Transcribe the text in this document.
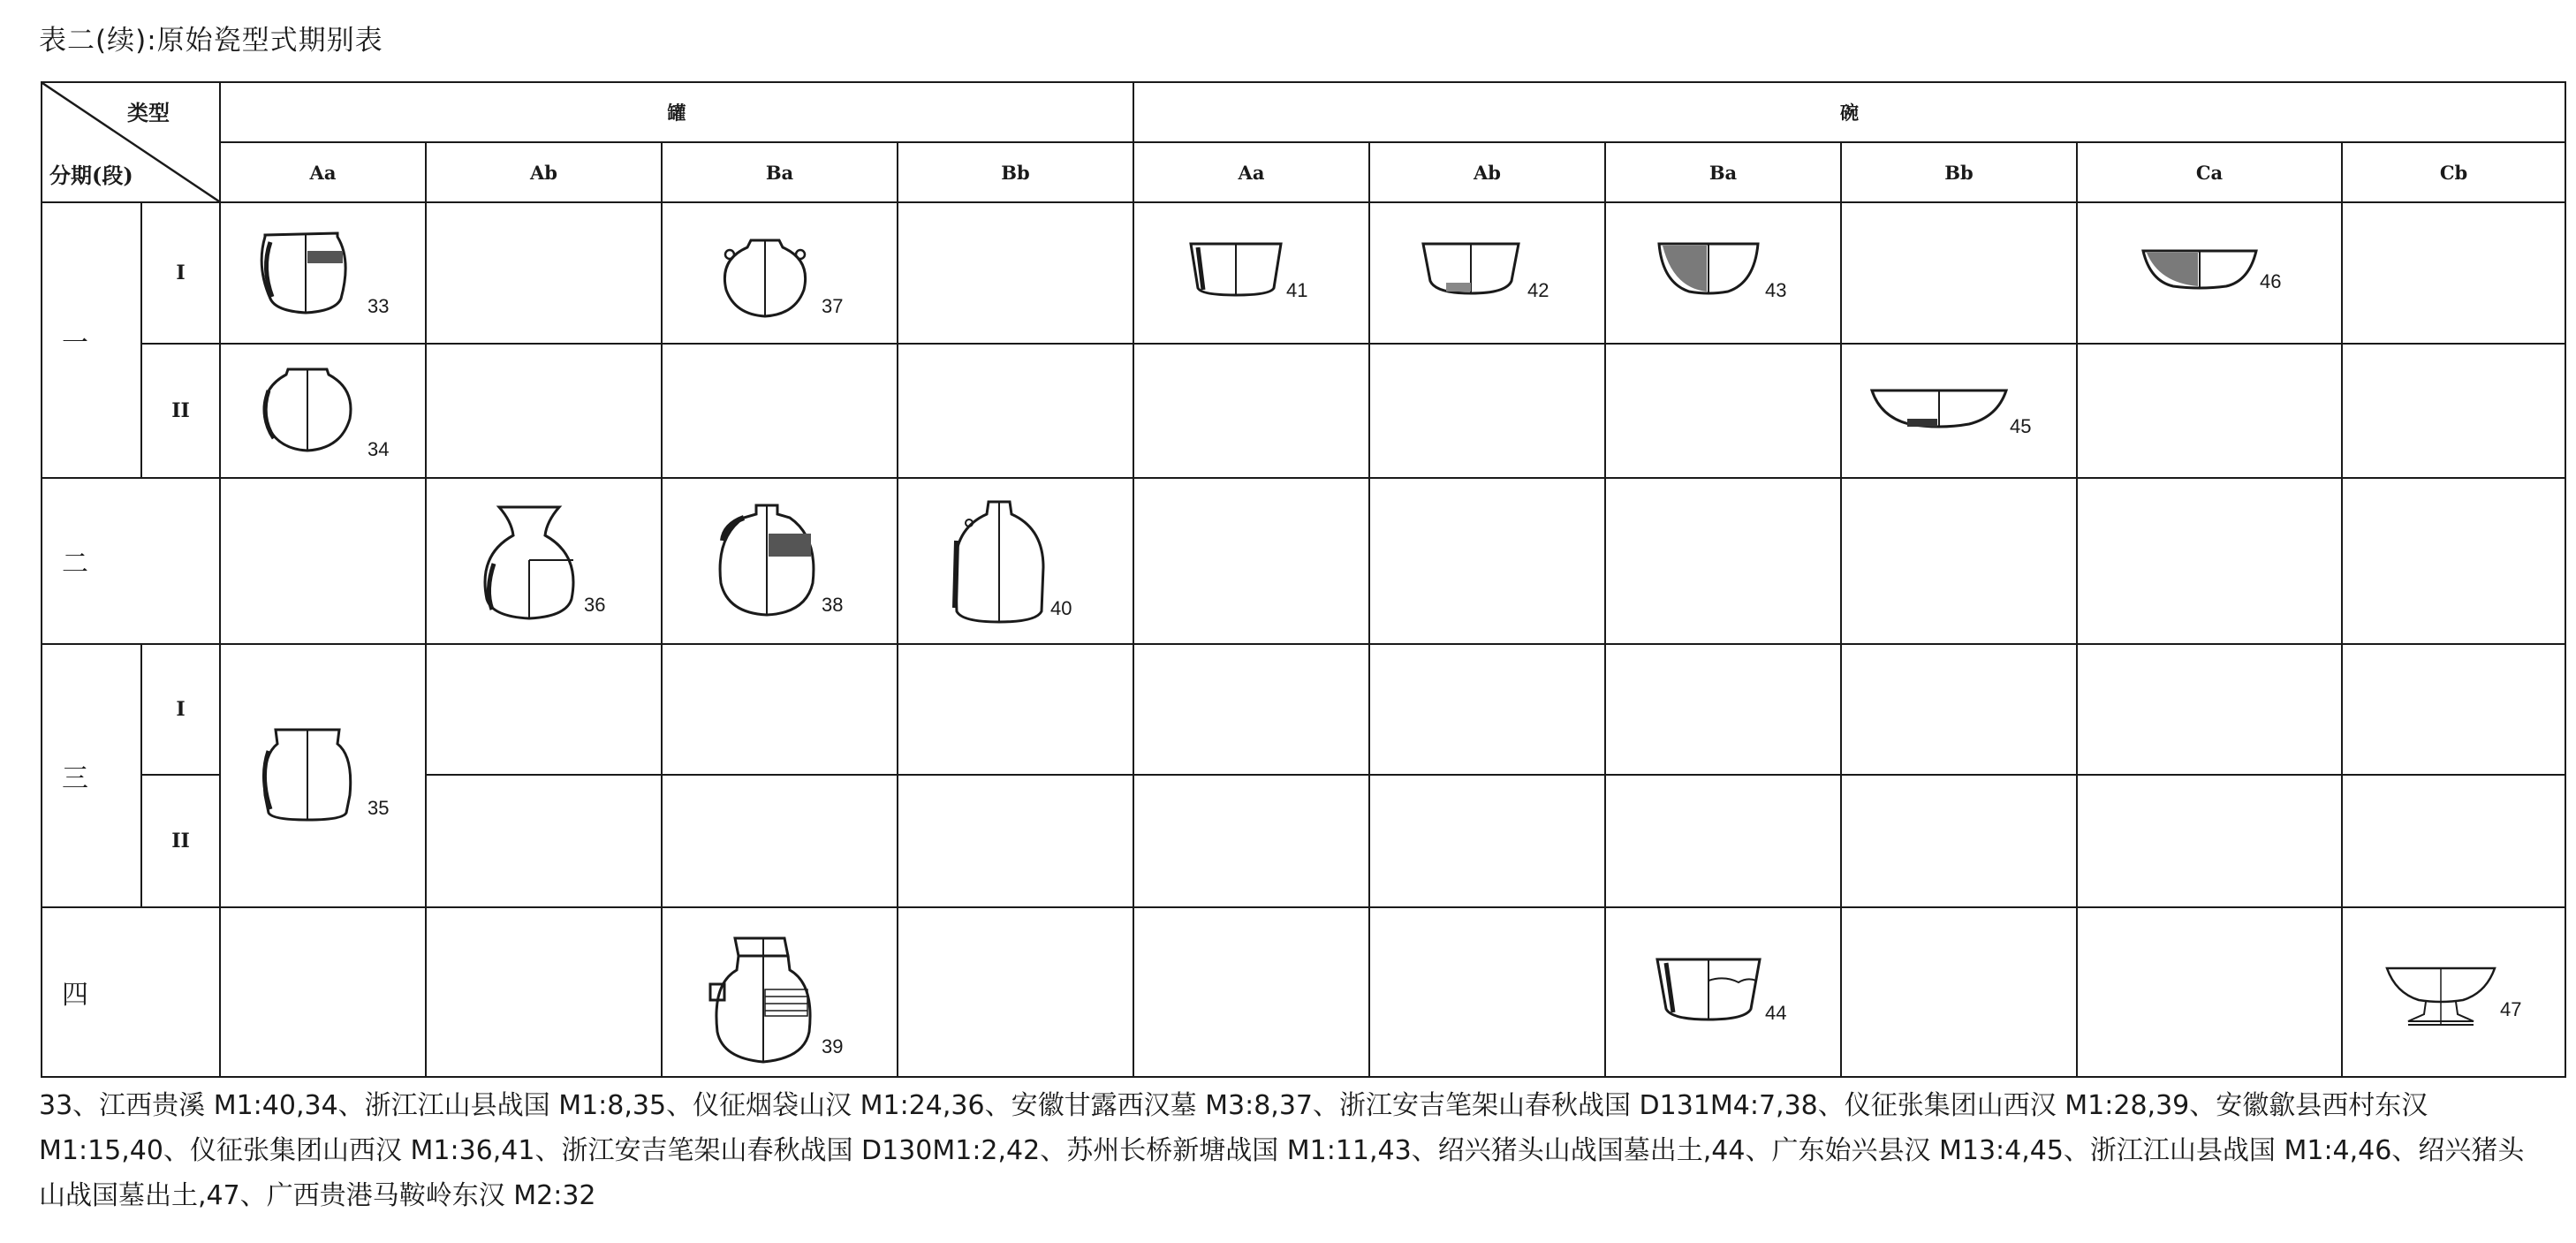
表二(续):原始瓷型式期别表
类型
分期(段)		罐				碗					
		Aa	Ab	Ba	Bb	Aa	Ab	Ba	Bb	Ca	Cb
一	I	33		37		41	42	43		46	

	II	34							45		

二			36	38	40						

三	I	35									

	II										
四				39				44			47
33、江西贵溪 M1:40,34、浙江江山县战国 M1:8,35、仪征烟袋山汉 M1:24,36、安徽甘露西汉墓 M3:8,37、浙江安吉笔架山春秋战国 D131M4:7,38、仪征张集团山西汉 M1:28,39、安徽歙县西村东汉 M1:15,40、仪征张集团山西汉 M1:36,41、浙江安吉笔架山春秋战国 D130M1:2,42、苏州长桥新塘战国 M1:11,43、绍兴猪头山战国墓出土,44、广东始兴县汉 M13:4,45、浙江江山县战国 M1:4,46、绍兴猪头山战国墓出土,47、广西贵港马鞍岭东汉 M2:32
